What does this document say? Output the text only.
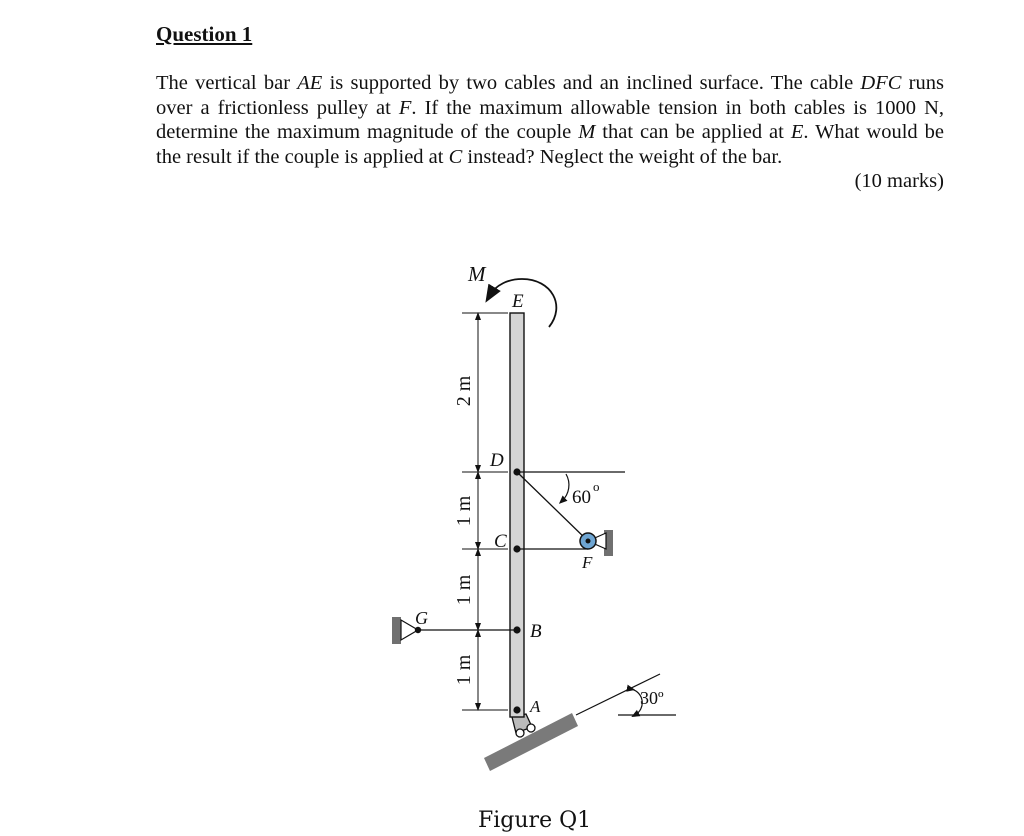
Question 1
The vertical bar AE is supported by two cables and an inclined surface. The cable DFC runs over a frictionless pulley at F. If the maximum allowable tension in both cables is 1000 N, determine the maximum magnitude of the couple M that can be applied at E. What would be the result if the couple is applied at C instead? Neglect the weight of the bar.
(10 marks)
2 m
1 m
1 m
1 m
M
E
D
C
B
A
F
G
60
o
30º
Figure Q1
